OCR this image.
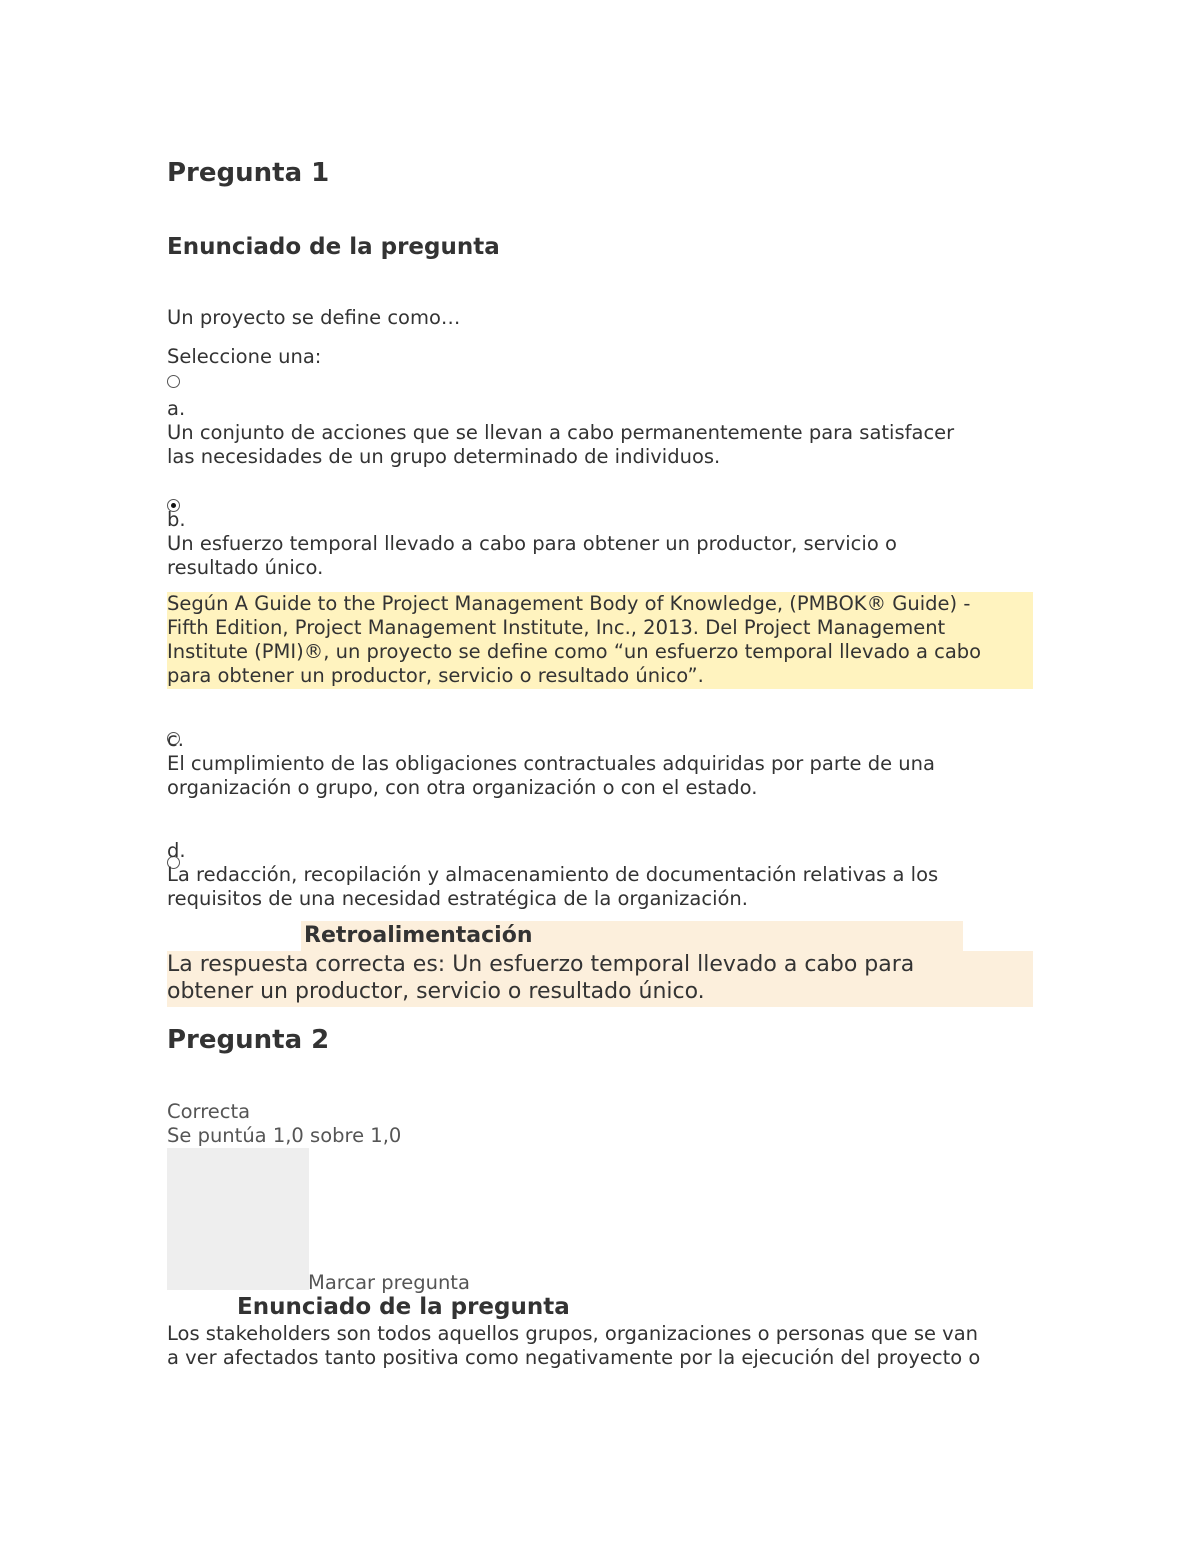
Pregunta 1
Enunciado de la pregunta
Un proyecto se define como…
Seleccione una:
a.
Un conjunto de acciones que se llevan a cabo permanentemente para satisfacer
las necesidades de un grupo determinado de individuos.
b.
Un esfuerzo temporal llevado a cabo para obtener un productor, servicio o
resultado único.
Según A Guide to the Project Management Body of Knowledge, (PMBOK® Guide) -
Fifth Edition, Project Management Institute, Inc., 2013. Del Project Management
Institute (PMI)®, un proyecto se define como “un esfuerzo temporal llevado a cabo
para obtener un productor, servicio o resultado único”.
c.
El cumplimiento de las obligaciones contractuales adquiridas por parte de una
organización o grupo, con otra organización o con el estado.
d.
La redacción, recopilación y almacenamiento de documentación relativas a los
requisitos de una necesidad estratégica de la organización.
Retroalimentación
La respuesta correcta es: Un esfuerzo temporal llevado a cabo para
obtener un productor, servicio o resultado único.
Pregunta 2
Correcta
Se puntúa 1,0 sobre 1,0
Marcar pregunta
Enunciado de la pregunta
Los stakeholders son todos aquellos grupos, organizaciones o personas que se van
a ver afectados tanto positiva como negativamente por la ejecución del proyecto o
